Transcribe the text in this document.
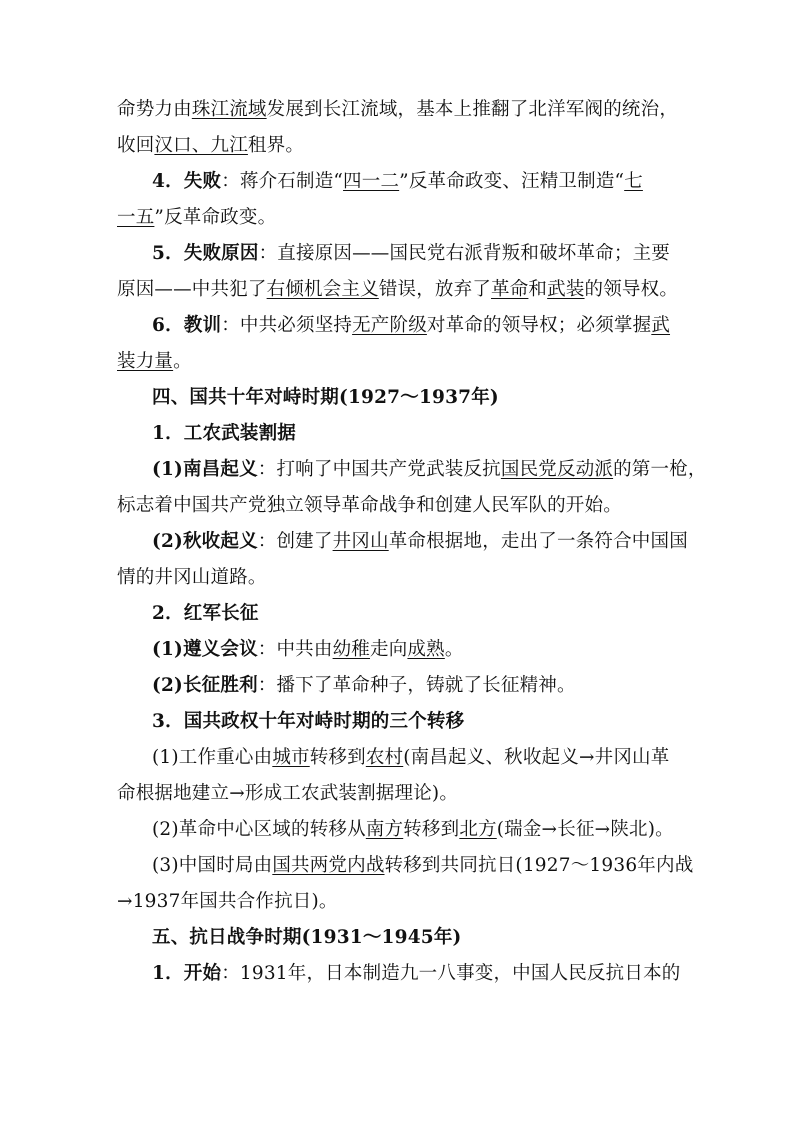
命势力由珠江流域发展到长江流域，基本上推翻了北洋军阀的统治，
收回汉口、九江租界。
4．失败：蒋介石制造“四一二”反革命政变、汪精卫制造“七
一五”反革命政变。
5．失败原因：直接原因——国民党右派背叛和破坏革命；主要
原因——中共犯了右倾机会主义错误，放弃了革命和武装的领导权。
6．教训：中共必须坚持无产阶级对革命的领导权；必须掌握武
装力量。
四、国共十年对峙时期(1927～1937年)
1．工农武装割据
(1)南昌起义：打响了中国共产党武装反抗国民党反动派的第一枪，
标志着中国共产党独立领导革命战争和创建人民军队的开始。
(2)秋收起义：创建了井冈山革命根据地，走出了一条符合中国国
情的井冈山道路。
2．红军长征
(1)遵义会议：中共由幼稚走向成熟。
(2)长征胜利：播下了革命种子，铸就了长征精神。
3．国共政权十年对峙时期的三个转移
(1)工作重心由城市转移到农村(南昌起义、秋收起义→井冈山革
命根据地建立→形成工农武装割据理论)。
(2)革命中心区域的转移从南方转移到北方(瑞金→长征→陕北)。
(3)中国时局由国共两党内战转移到共同抗日(1927～1936年内战
→1937年国共合作抗日)。
五、抗日战争时期(1931～1945年)
1．开始：1931年，日本制造九一八事变，中国人民反抗日本的
